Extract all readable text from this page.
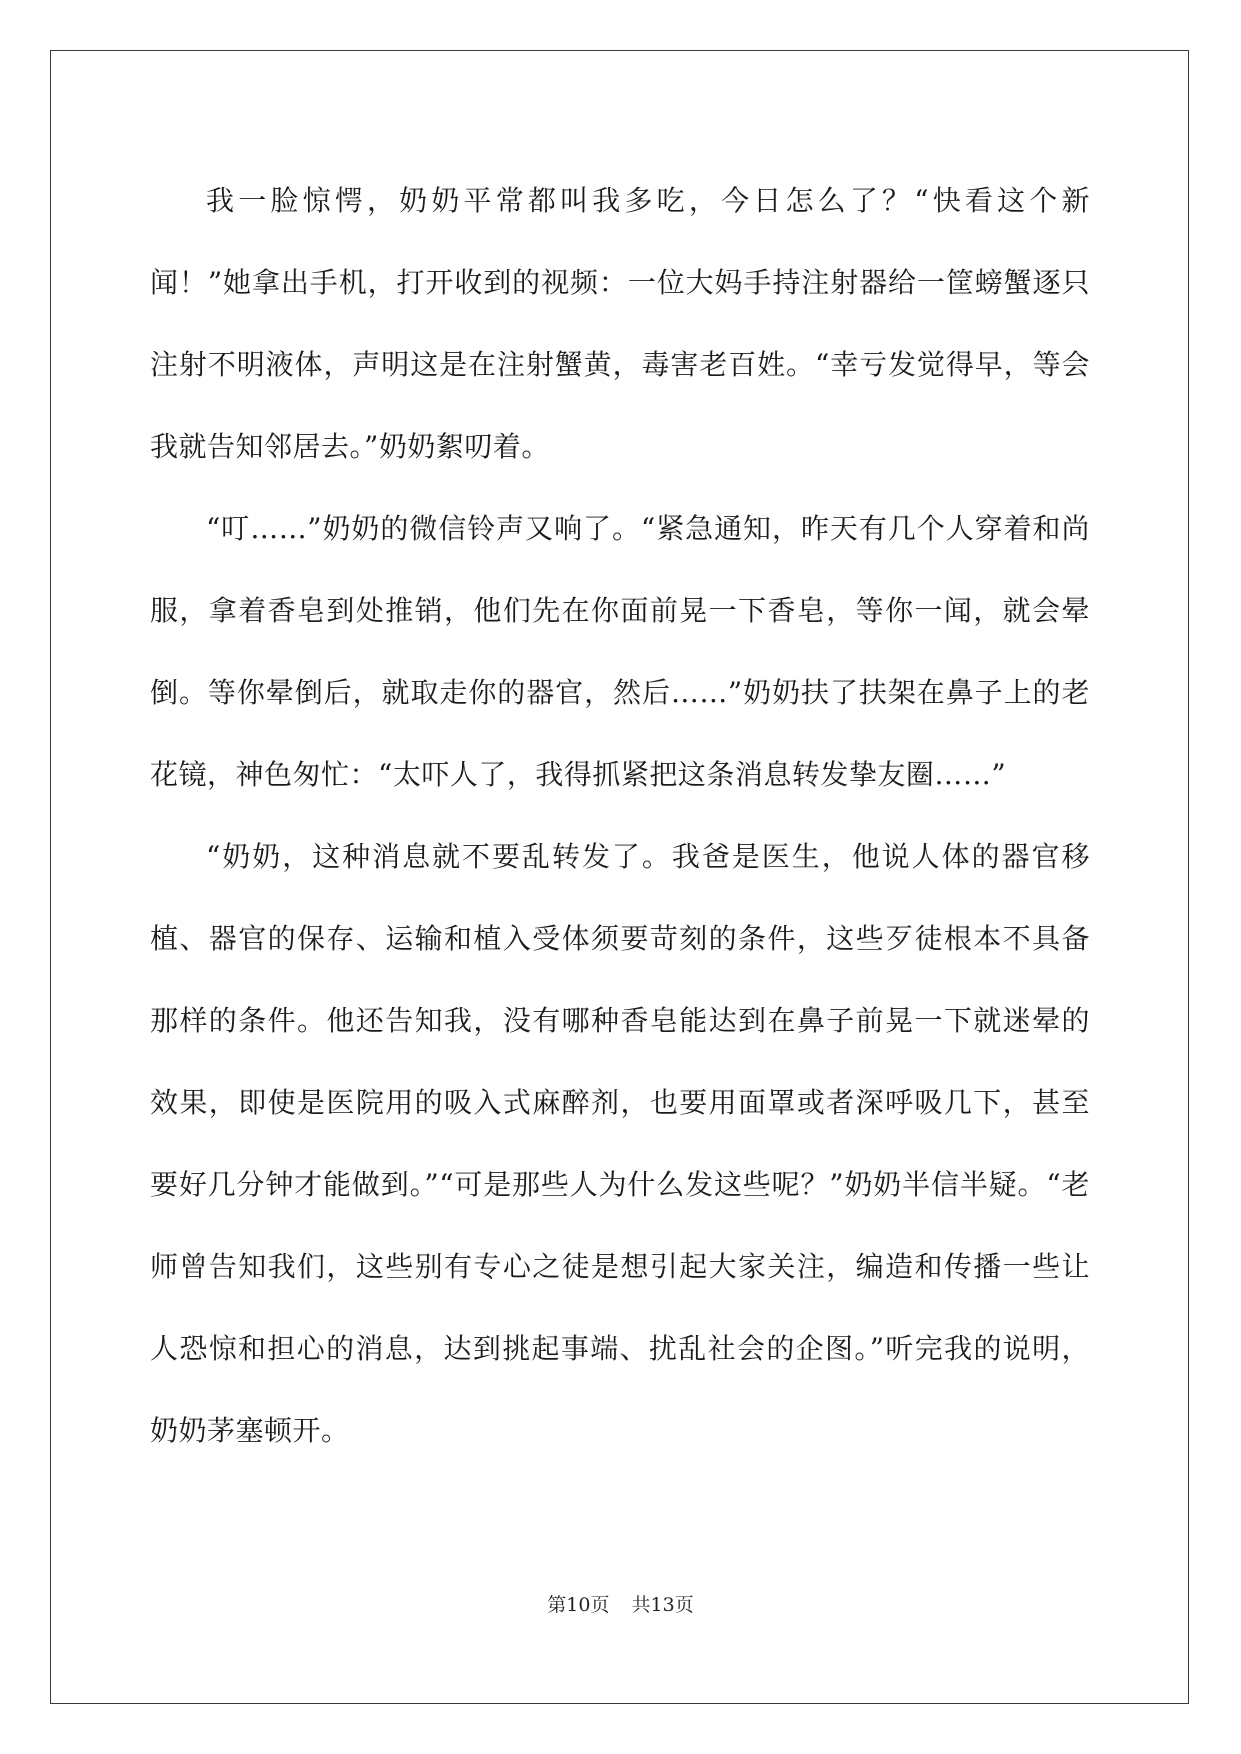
我一脸惊愕，奶奶平常都叫我多吃，今日怎么了？“快看这个新闻！”她拿出手机，打开收到的视频：一位大妈手持注射器给一筐螃蟹逐只注射不明液体，声明这是在注射蟹黄，毒害老百姓。“幸亏发觉得早，等会我就告知邻居去。”奶奶絮叨着。

“叮……”奶奶的微信铃声又响了。“紧急通知，昨天有几个人穿着和尚服，拿着香皂到处推销，他们先在你面前晃一下香皂，等你一闻，就会晕倒。等你晕倒后，就取走你的器官，然后……”奶奶扶了扶架在鼻子上的老花镜，神色匆忙：“太吓人了，我得抓紧把这条消息转发挚友圈……”

“奶奶，这种消息就不要乱转发了。我爸是医生，他说人体的器官移植、器官的保存、运输和植入受体须要苛刻的条件，这些歹徒根本不具备那样的条件。他还告知我，没有哪种香皂能达到在鼻子前晃一下就迷晕的效果，即使是医院用的吸入式麻醉剂，也要用面罩或者深呼吸几下，甚至要好几分钟才能做到。”“可是那些人为什么发这些呢？”奶奶半信半疑。“老师曾告知我们，这些别有专心之徒是想引起大家关注，编造和传播一些让人恐惊和担心的消息，达到挑起事端、扰乱社会的企图。”听完我的说明，奶奶茅塞顿开。

第10页 共13页
